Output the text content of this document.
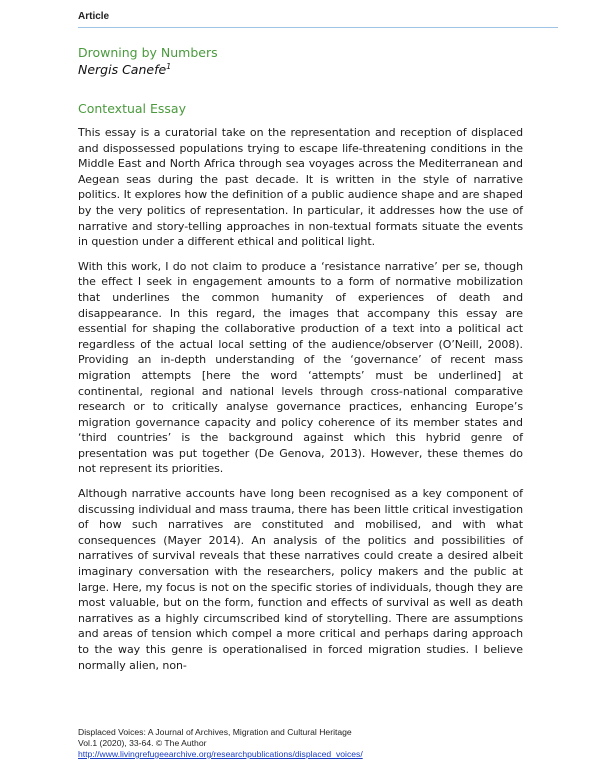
Article
Drowning by Numbers
Nergis Canefe$^1$
Contextual Essay

This essay is a curatorial take on the representation and reception of displaced and dispossessed populations trying to escape life-threatening conditions in the Middle East and North Africa through sea voyages across the Mediterranean and Aegean seas during the past decade. It is written in the style of narrative politics. It explores how the definition of a public audience shape and are shaped by the very politics of representation. In particular, it addresses how the use of narrative and story-telling approaches in non-textual formats situate the events in question under a different ethical and political light.

With this work, I do not claim to produce a ‘resistance narrative’ per se, though the effect I seek in engagement amounts to a form of normative mobilization that underlines the common humanity of experiences of death and disappearance. In this regard, the images that accompany this essay are essential for shaping the collaborative production of a text into a political act regardless of the actual local setting of the audience/observer (O’Neill, 2008). Providing an in-depth understanding of the ‘governance’ of recent mass migration attempts [here the word ‘attempts’ must be underlined] at continental, regional and national levels through cross-national comparative research or to critically analyse governance practices, enhancing Europe’s migration governance capacity and policy coherence of its member states and ‘third countries’ is the background against which this hybrid genre of presentation was put together (De Genova, 2013). However, these themes do not represent its priorities.

Although narrative accounts have long been recognised as a key component of discussing individual and mass trauma, there has been little critical investigation of how such narratives are constituted and mobilised, and with what consequences (Mayer 2014). An analysis of the politics and possibilities of narratives of survival reveals that these narratives could create a desired albeit imaginary conversation with the researchers, policy makers and the public at large. Here, my focus is not on the specific stories of individuals, though they are most valuable, but on the form, function and effects of survival as well as death narratives as a highly circumscribed kind of storytelling. There are assumptions and areas of tension which compel a more critical and perhaps daring approach to the way this genre is operationalised in forced migration studies. I believe normally alien, non-

Displaced Voices: A Journal of Archives, Migration and Cultural Heritage
Vol.1 (2020), 33-64. © The Author
http://www.livingrefugeearchive.org/researchpublications/displaced_voices/
